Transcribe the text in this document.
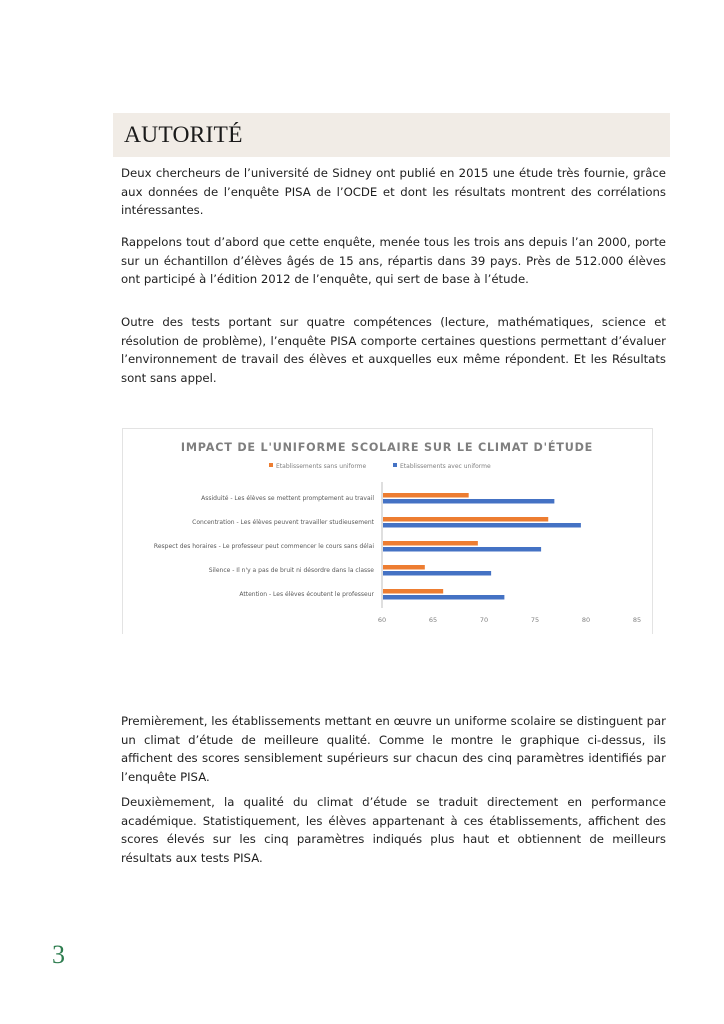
AUTORITÉ

Deux chercheurs de l’université de Sidney ont publié en 2015 une étude très fournie, grâce aux données de l’enquête PISA de l’OCDE et dont les résultats montrent des corrélations intéressantes.

Rappelons tout d’abord que cette enquête, menée tous les trois ans depuis l’an 2000, porte sur un échantillon d’élèves âgés de 15 ans, répartis dans 39 pays. Près de 512.000 élèves ont participé à l’édition 2012 de l’enquête, qui sert de base à l’étude.

Outre des tests portant sur quatre compétences (lecture, mathématiques, science et résolution de problème), l’enquête PISA comporte certaines questions permettant d’évaluer l’environnement de travail des élèves et auxquelles eux même répondent. Et les Résultats sont sans appel.

IMPACT DE L'UNIFORME SCOLAIRE SUR LE CLIMAT D'ÉTUDE
Etablissements sans uniforme	Etablissements avec uniforme
Assiduité - Les élèves se mettent promptement au travail
Concentration - Les élèves peuvent travailler studieusement
Respect des horaires - Le professeur peut commencer le cours sans délai
Silence - Il n'y a pas de bruit ni désordre dans la classe
Attention - Les élèves écoutent le professeur
60	65	70	75	80	85

Premièrement, les établissements mettant en œuvre un uniforme scolaire se distinguent par un climat d’étude de meilleure qualité. Comme le montre le graphique ci-dessus, ils affichent des scores sensiblement supérieurs sur chacun des cinq paramètres identifiés par l’enquête PISA.

Deuxièmement, la qualité du climat d’étude se traduit directement en performance académique. Statistiquement, les élèves appartenant à ces établissements, affichent des scores élevés sur les cinq paramètres indiqués plus haut et obtiennent de meilleurs résultats aux tests PISA.

3
